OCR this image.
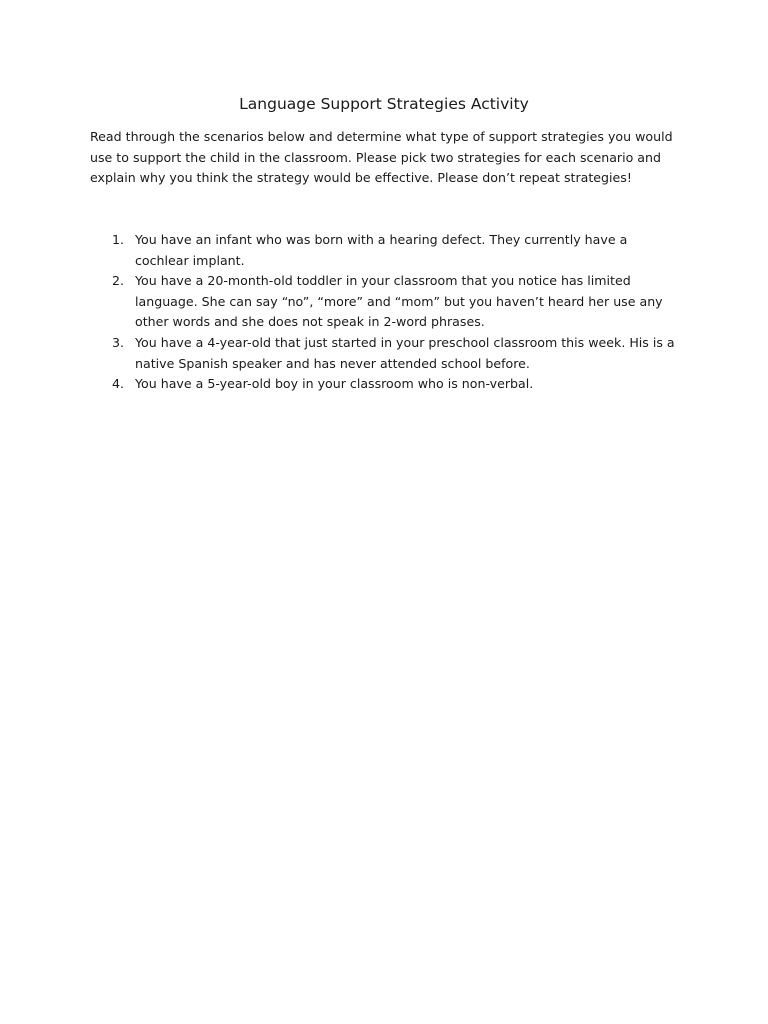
Language Support Strategies Activity

Read through the scenarios below and determine what type of support strategies you would use to support the child in the classroom. Please pick two strategies for each scenario and explain why you think the strategy would be effective. Please don’t repeat strategies!

1. You have an infant who was born with a hearing defect. They currently have a cochlear implant.
2. You have a 20-month-old toddler in your classroom that you notice has limited language. She can say “no”, “more” and “mom” but you haven’t heard her use any other words and she does not speak in 2-word phrases.
3. You have a 4-year-old that just started in your preschool classroom this week. His is a native Spanish speaker and has never attended school before.
4. You have a 5-year-old boy in your classroom who is non-verbal.
